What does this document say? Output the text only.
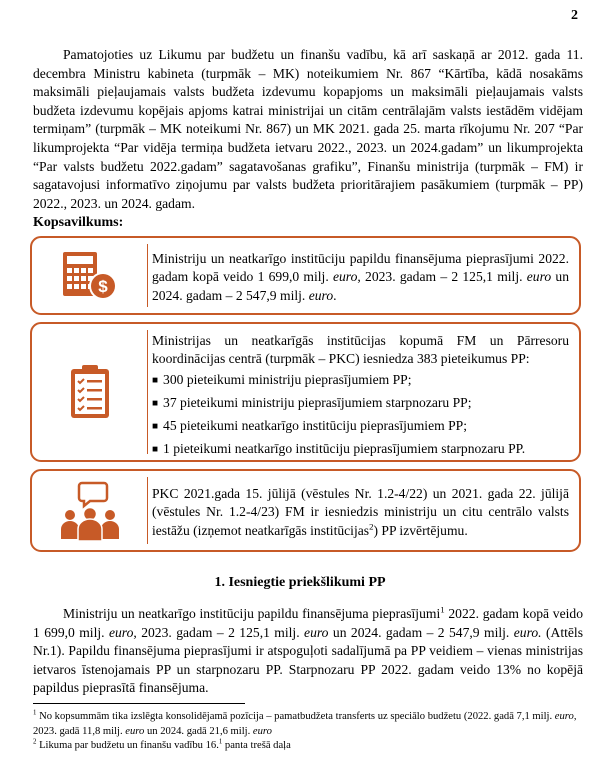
2

Pamatojoties uz Likumu par budžetu un finanšu vadību, kā arī saskaņā ar 2012. gada 11. decembra Ministru kabineta (turpmāk – MK) noteikumiem Nr. 867 “Kārtība, kādā nosakāms maksimāli pieļaujamais valsts budžeta izdevumu kopapjoms un maksimāli pieļaujamais valsts budžeta izdevumu kopējais apjoms katrai ministrijai un citām centrālajām valsts iestādēm vidējam termiņam” (turpmāk – MK noteikumi Nr. 867) un MK 2021. gada 25. marta rīkojumu Nr. 207 “Par likumprojekta “Par vidēja termiņa budžeta ietvaru 2022., 2023. un 2024.gadam” un likumprojekta “Par valsts budžetu 2022.gadam” sagatavošanas grafiku”, Finanšu ministrija (turpmāk – FM) ir sagatavojusi informatīvo ziņojumu par valsts budžeta prioritārajiem pasākumiem (turpmāk – PP) 2022., 2023. un 2024. gadam.

Kopsavilkums:

$
Ministriju un neatkarīgo institūciju papildu finansējuma pieprasījumi 2022. gadam kopā veido 1 699,0 milj. euro, 2023. gadam – 2 125,1 milj. euro un 2024. gadam – 2 547,9 milj. euro.

Ministrijas un neatkarīgās institūcijas kopumā FM un Pārresoru koordinācijas centrā (turpmāk – PKC) iesniedza 383 pieteikumus PP:

■ 300 pieteikumi ministriju pieprasījumiem PP;
■ 37 pieteikumi ministriju pieprasījumiem starpnozaru PP;
■ 45 pieteikumi neatkarīgo institūciju pieprasījumiem PP;
■ 1 pieteikumi neatkarīgo institūciju pieprasījumiem starpnozaru PP.
PKC 2021.gada 15. jūlijā (vēstules Nr. 1.2-4/22) un 2021. gada 22. jūlijā (vēstules Nr. 1.2-4/23) FM ir iesniedzis ministriju un citu centrālo valsts iestāžu (izņemot neatkarīgās institūcijas$^2$) PP izvērtējumu.

1. Iesniegtie priekšlikumi PP

Ministriju un neatkarīgo institūciju papildu finansējuma pieprasījumi$^1$ 2022. gadam kopā veido 1 699,0 milj. euro, 2023. gadam – 2 125,1 milj. euro un 2024. gadam – 2 547,9 milj. euro. (Attēls Nr.1). Papildu finansējuma pieprasījumi ir atspoguļoti sadalījumā pa PP veidiem – vienas ministrijas ietvaros īstenojamais PP un starpnozaru PP. Starpnozaru PP 2022. gadam veido 13% no kopējā papildus pieprasītā finansējuma.

$^1$ No kopsummām tika izslēgta konsolidējamā pozīcija – pamatbudžeta transferts uz speciālo budžetu (2022. gadā 7,1 milj. euro, 2023. gadā 11,8 milj. euro un 2024. gadā 21,6 milj. euro

$^2$ Likuma par budžetu un finanšu vadību 16.$^1$ panta trešā daļa
